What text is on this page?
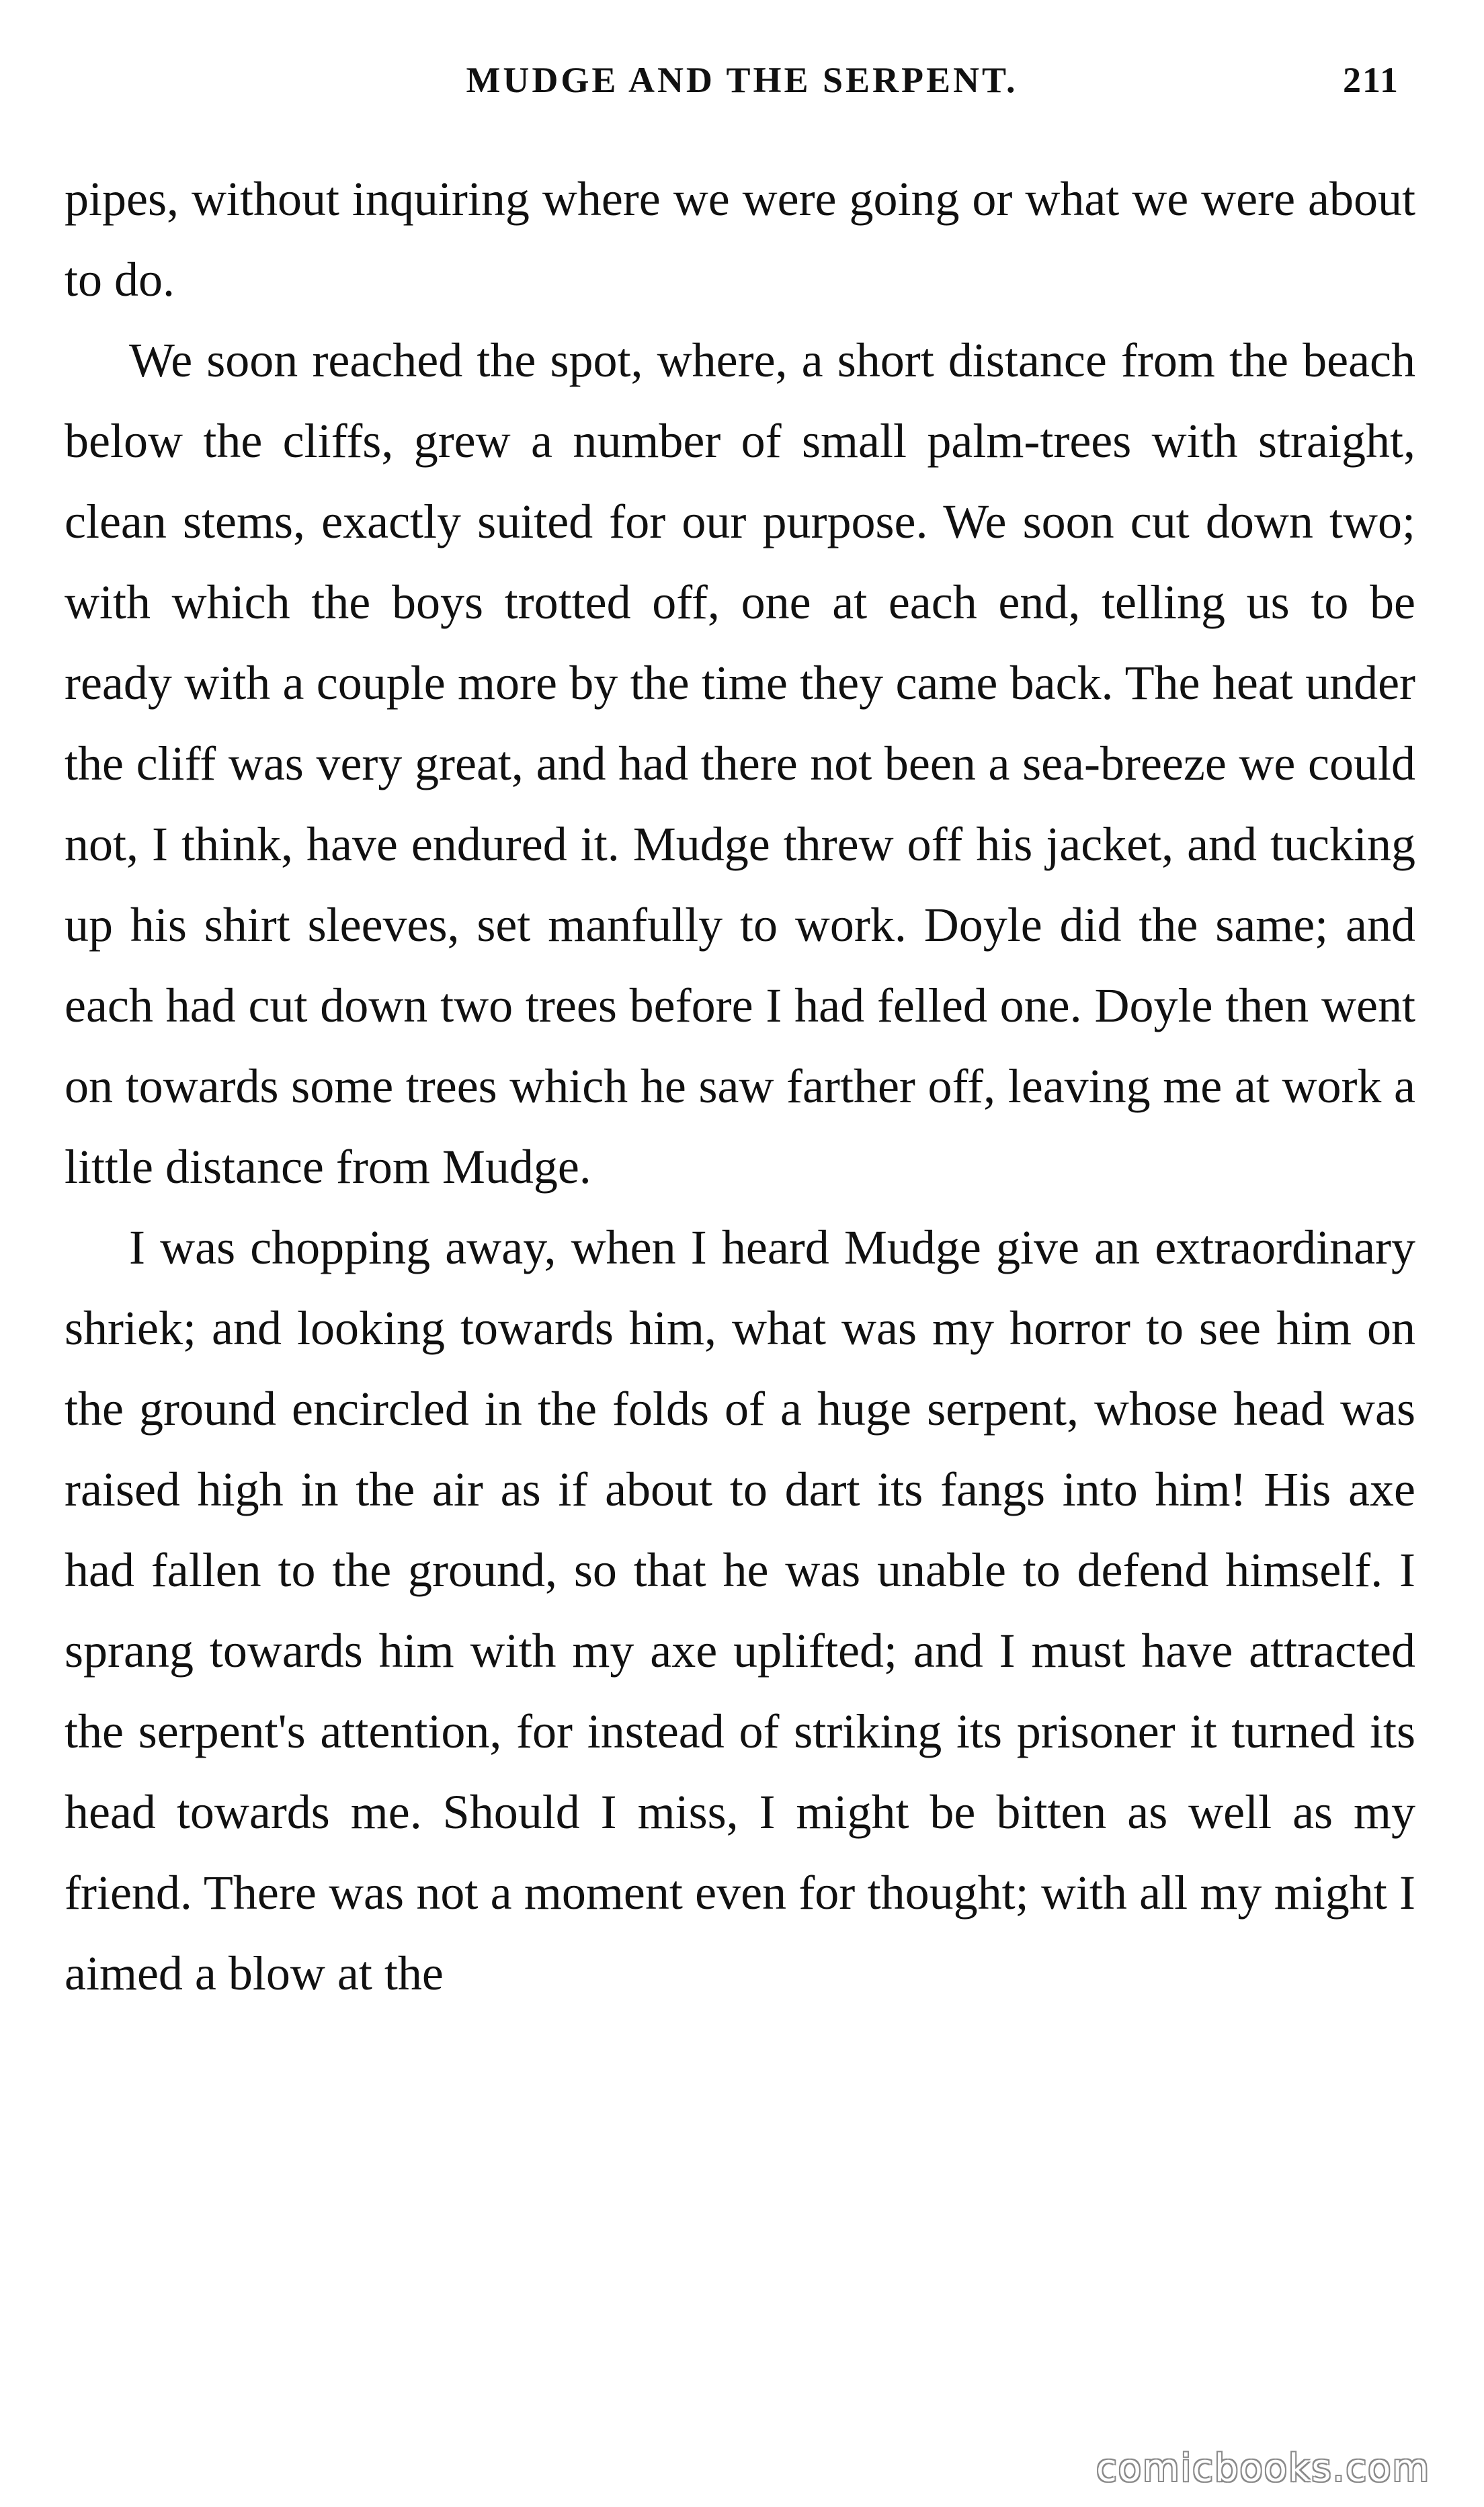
MUDGE AND THE SERPENT.	211

pipes, without inquiring where we were going or what we were about to do.

We soon reached the spot, where, a short distance from the beach below the cliffs, grew a number of small palm-trees with straight, clean stems, exactly suited for our purpose. We soon cut down two; with which the boys trotted off, one at each end, telling us to be ready with a couple more by the time they came back. The heat under the cliff was very great, and had there not been a sea-breeze we could not, I think, have endured it. Mudge threw off his jacket, and tucking up his shirt sleeves, set manfully to work. Doyle did the same; and each had cut down two trees before I had felled one. Doyle then went on towards some trees which he saw farther off, leaving me at work a little distance from Mudge.

I was chopping away, when I heard Mudge give an extraordinary shriek; and looking towards him, what was my horror to see him on the ground encircled in the folds of a huge serpent, whose head was raised high in the air as if about to dart its fangs into him! His axe had fallen to the ground, so that he was unable to defend himself. I sprang towards him with my axe uplifted; and I must have attracted the serpent's attention, for instead of striking its prisoner it turned its head towards me. Should I miss, I might be bitten as well as my friend. There was not a moment even for thought; with all my might I aimed a blow at the

comicbooks.com
